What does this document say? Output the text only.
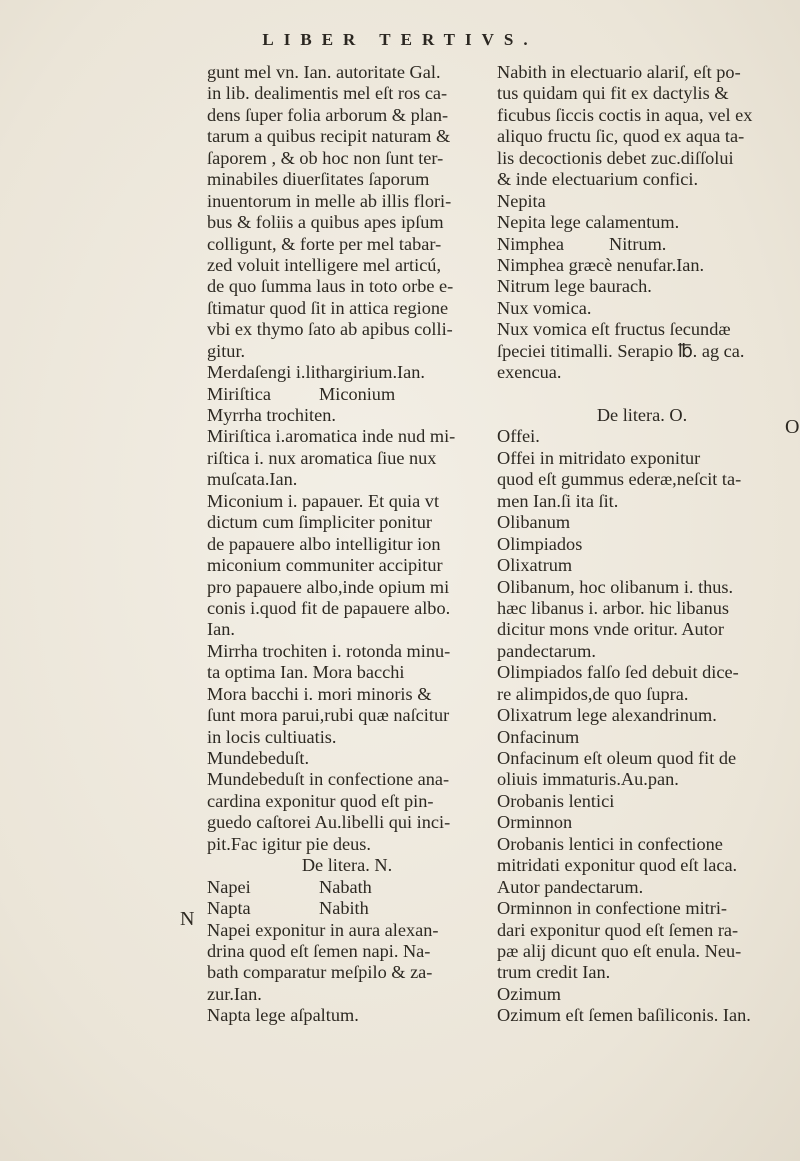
LIBER TERTIVS.
gunt mel vn. Ian. autoritate Gal.
in lib. dealimentis mel eſt ros ca-
dens ſuper folia arborum & plan-
tarum a quibus recipit naturam &
ſaporem , & ob hoc non ſunt ter-
minabiles diuerſitates ſaporum
inuentorum in melle ab illis flori-
bus & foliis a quibus apes ipſum
colligunt, & forte per mel tabar-
zed voluit intelligere mel articú,
de quo ſumma laus in toto orbe e-
ſtimatur quod ſit in attica regione
vbi ex thymo ſato ab apibus colli-
gitur.
Merdaſengi i.lithargirium.Ian.
Miriſtica	Miconium
Myrrha trochiten.
Miriſtica i.aromatica inde nud mi-
riſtica i. nux aromatica ſiue nux
muſcata.Ian.
Miconium i. papauer. Et quia vt
dictum cum ſimpliciter ponitur
de papauere albo intelligitur ion
miconium communiter accipitur
pro papauere albo,inde opium mi
conis i.quod fit de papauere albo.
Ian.
Mirrha trochiten i. rotonda minu-
ta optima Ian. Mora bacchi
Mora bacchi i. mori minoris &
ſunt mora parui,rubi quæ naſcitur
in locis cultiuatis.
Mundebeduſt.
Mundebeduſt in confectione ana-
cardina exponitur quod eſt pin-
guedo caſtorei Au.libelli qui inci-
pit.Fac igitur pie deus.
De litera. N.
Napei	Nabath
Napta	Nabith
Napei exponitur in aura alexan-
drina quod eſt ſemen napi. Na-
bath comparatur meſpilo & za-
zur.Ian.
Napta lege aſpaltum.
Nabith in electuario alariſ, eſt po-
tus quidam qui fit ex dactylis &
ficubus ſiccis coctis in aqua, vel ex
aliquo fructu ſic, quod ex aqua ta-
lis decoctionis debet zuc.diſſolui
& inde electuarium confici.
Nepita
Nepita lege calamentum.
Nimphea	Nitrum.
Nimphea græcè nenufar.Ian.
Nitrum lege baurach.
Nux vomica.
Nux vomica eſt fructus ſecundæ
ſpeciei titimalli. Serapio ℔. ag ca.
exencua.
De litera. O.
Offei.
Offei in mitridato exponitur
quod eſt gummus ederæ,neſcit ta-
men Ian.ſi ita ſit.
Olibanum
Olimpiados
Olixatrum
Olibanum, hoc olibanum i. thus.
hæc libanus i. arbor. hic libanus
dicitur mons vnde oritur. Autor
pandectarum.
Olimpiados falſo ſed debuit dice-
re alimpidos,de quo ſupra.
Olixatrum lege alexandrinum.
Onfacinum
Onfacinum eſt oleum quod fit de
oliuis immaturis.Au.pan.
Orobanis lentici
Orminnon
Orobanis lentici in confectione
mitridati exponitur quod eſt laca.
Autor pandectarum.
Orminnon in confectione mitri-
dari exponitur quod eſt ſemen ra-
pæ alij dicunt quo eſt enula. Neu-
trum credit Ian.
Ozimum
Ozimum eſt ſemen baſiliconis. Ian.
O
N
